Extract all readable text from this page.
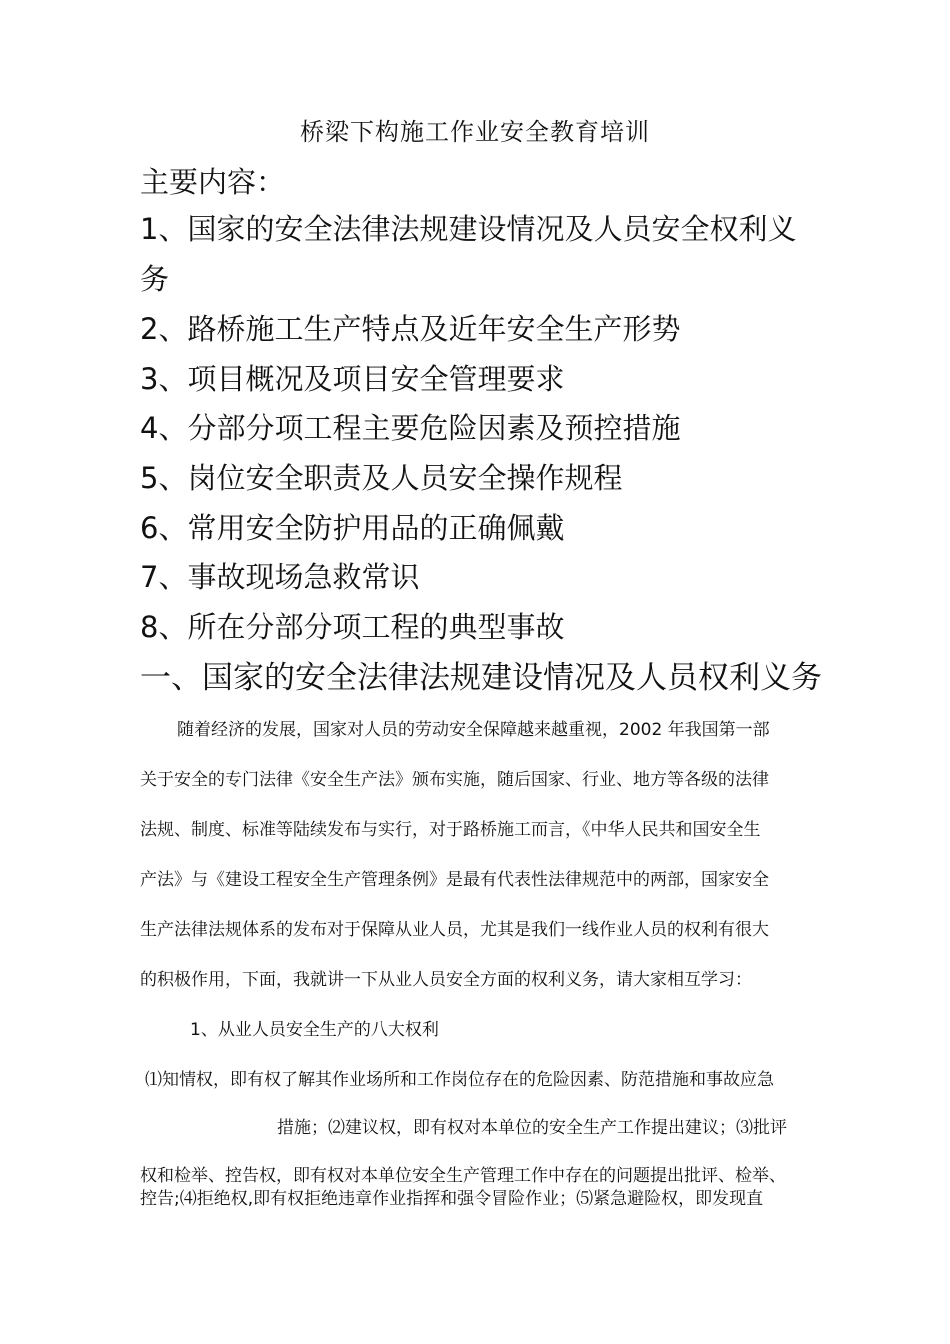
桥梁下构施工作业安全教育培训
主要内容：
1、国家的安全法律法规建设情况及人员安全权利义
务
2、路桥施工生产特点及近年安全生产形势
3、项目概况及项目安全管理要求
4、分部分项工程主要危险因素及预控措施
5、岗位安全职责及人员安全操作规程
6、常用安全防护用品的正确佩戴
7、事故现场急救常识
8、所在分部分项工程的典型事故
一、国家的安全法律法规建设情况及人员权利义务
随着经济的发展，国家对人员的劳动安全保障越来越重视，2002 年我国第一部
关于安全的专门法律《安全生产法》颁布实施，随后国家、行业、地方等各级的法律
法规、制度、标准等陆续发布与实行，对于路桥施工而言，《中华人民共和国安全生
产法》与《建设工程安全生产管理条例》是最有代表性法律规范中的两部，国家安全
生产法律法规体系的发布对于保障从业人员，尤其是我们一线作业人员的权利有很大
的积极作用，下面，我就讲一下从业人员安全方面的权利义务，请大家相互学习：
1、从业人员安全生产的八大权利
⑴知情权，即有权了解其作业场所和工作岗位存在的危险因素、防范措施和事故应急
措施；⑵建议权，即有权对本单位的安全生产工作提出建议；⑶批评
权和检举、控告权，即有权对本单位安全生产管理工作中存在的问题提出批评、检举、
控告;⑷拒绝权,即有权拒绝违章作业指挥和强令冒险作业；⑸紧急避险权，即发现直
